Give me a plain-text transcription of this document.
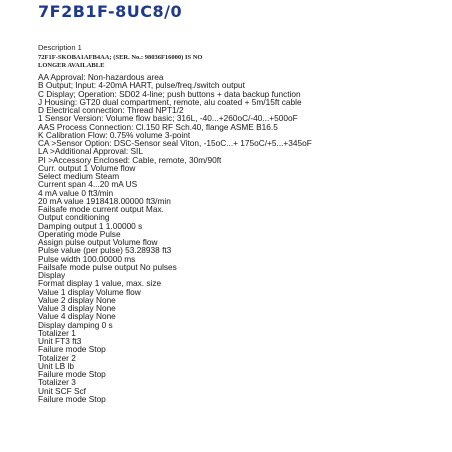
7F2B1F-8UC8/0
Description 1
72F1F-SKOBA1AFB4AA; (SER. No.: 98036F16000) IS NO
LONGER AVAILABLE
AA Approval: Non-hazardous area
B Output; Input: 4-20mA HART, pulse/freq./switch output
C Display; Operation: SD02 4-line; push buttons + data backup function
J Housing: GT20 dual compartment, remote, alu coated + 5m/15ft cable
D Electrical connection: Thread NPT1/2
1 Sensor Version: Volume flow basic; 316L, -40...+260oC/-40...+500oF
AAS Process Connection: Cl.150 RF Sch.40, flange ASME B16.5
K Calibration Flow: 0.75% volume 3-point
CA >Sensor Option: DSC-Sensor seal Viton, -15oC...+ 175oC/+5...+345oF
LA >Additional Approval: SIL
PI >Accessory Enclosed: Cable, remote, 30m/90ft
Curr. output 1 Volume flow
Select medium Steam
Current span 4...20 mA US
4 mA value 0 ft3/min
20 mA value 1918418.00000 ft3/min
Failsafe mode current output Max.
Output conditioning
Damping output 1 1.00000 s
Operating mode Pulse
Assign pulse output Volume flow
Pulse value (per pulse) 53.28938 ft3
Pulse width 100.00000 ms
Failsafe mode pulse output No pulses
Display
Format display 1 value, max. size
Value 1 display Volume flow
Value 2 display None
Value 3 display None
Value 4 display None
Display damping 0 s
Totalizer 1
Unit FT3 ft3
Failure mode Stop
Totalizer 2
Unit LB lb
Failure mode Stop
Totalizer 3
Unit SCF Scf
Failure mode Stop
